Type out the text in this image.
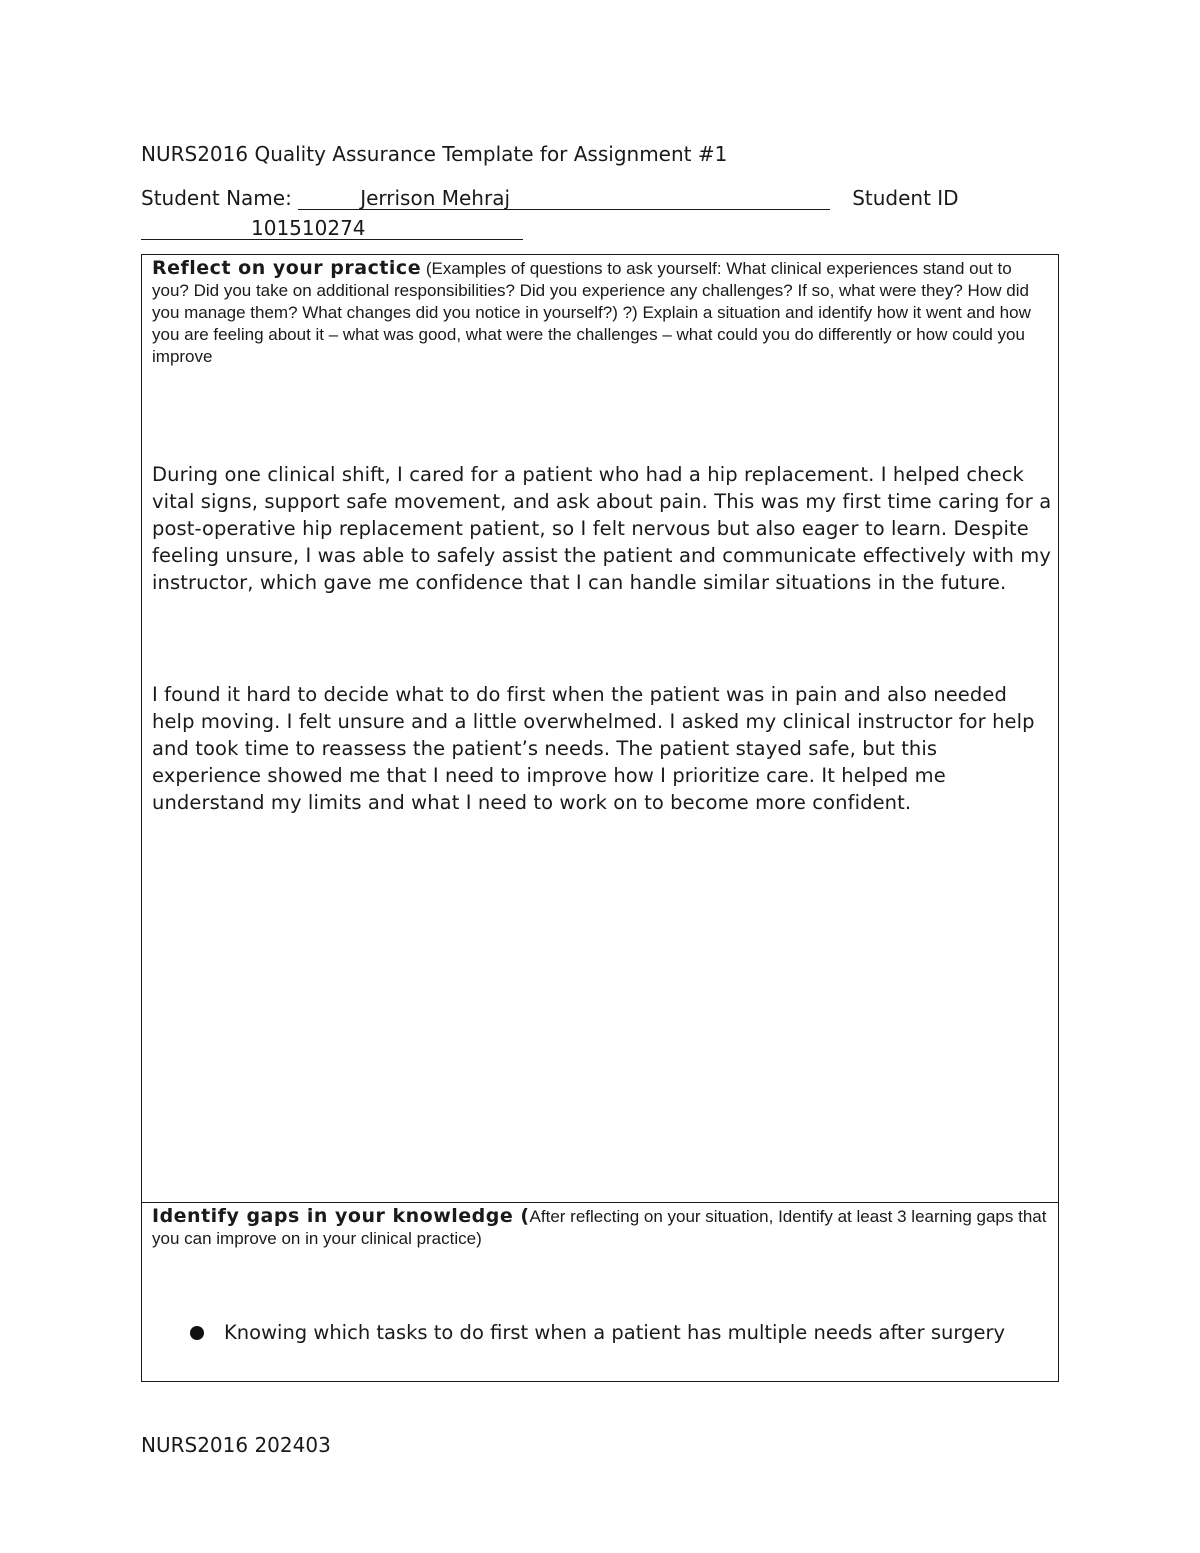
NURS2016 Quality Assurance Template for Assignment #1
Student Name:	Jerrison Mehraj	Student ID
101510274

Reflect on your practice (Examples of questions to ask yourself: What clinical experiences stand out to you? Did you take on additional responsibilities? Did you experience any challenges? If so, what were they? How did you manage them? What changes did you notice in yourself?) ?) Explain a situation and identify how it went and how you are feeling about it – what was good, what were the challenges – what could you do differently or how could you improve

During one clinical shift, I cared for a patient who had a hip replacement. I helped check vital signs, support safe movement, and ask about pain. This was my first time caring for a post-operative hip replacement patient, so I felt nervous but also eager to learn. Despite feeling unsure, I was able to safely assist the patient and communicate effectively with my instructor, which gave me confidence that I can handle similar situations in the future.

I found it hard to decide what to do first when the patient was in pain and also needed help moving. I felt unsure and a little overwhelmed. I asked my clinical instructor for help and took time to reassess the patient’s needs. The patient stayed safe, but this experience showed me that I need to improve how I prioritize care. It helped me understand my limits and what I need to work on to become more confident.

Identify gaps in your knowledge (After reflecting on your situation, Identify at least 3 learning gaps that you can improve on in your clinical practice)

Knowing which tasks to do first when a patient has multiple needs after surgery
NURS2016 202403
